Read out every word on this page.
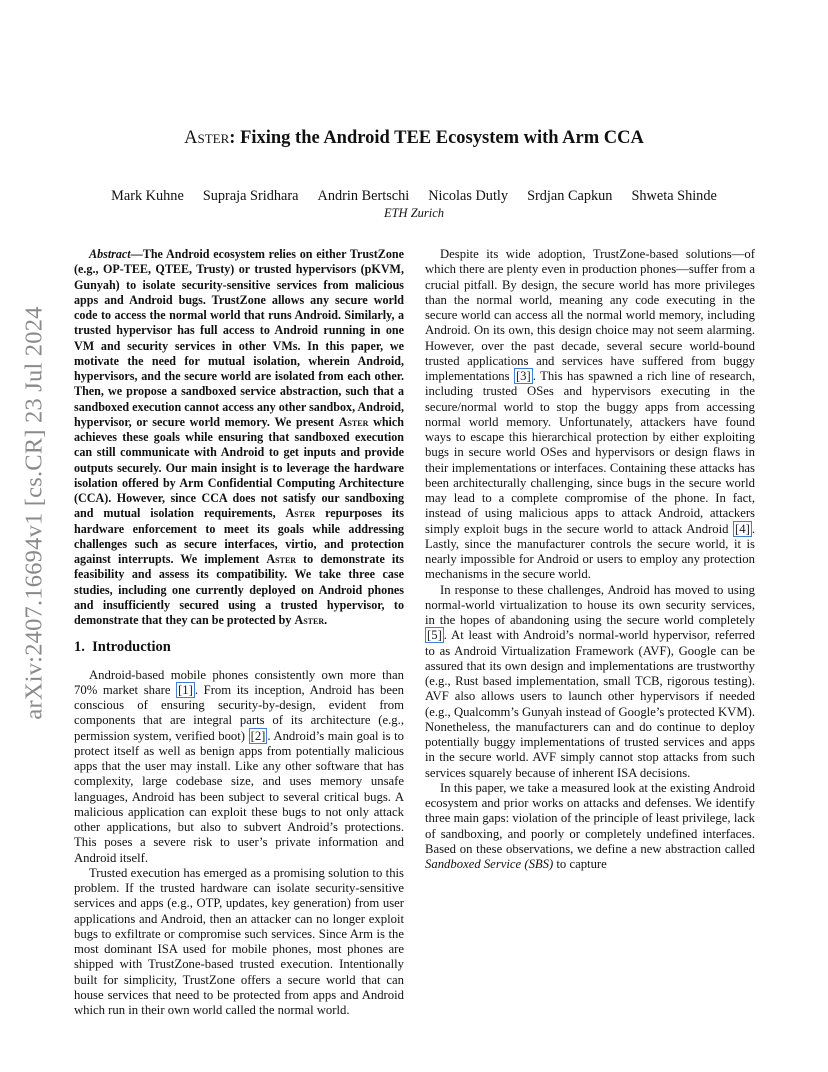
arXiv:2407.16694v1 [cs.CR] 23 Jul 2024
Aster: Fixing the Android TEE Ecosystem with Arm CCA
Mark Kuhne Supraja Sridhara Andrin Bertschi Nicolas Dutly Srdjan Capkun Shweta Shinde
ETH Zurich

Abstract—The Android ecosystem relies on either TrustZone (e.g., OP-TEE, QTEE, Trusty) or trusted hypervisors (pKVM, Gunyah) to isolate security-sensitive services from malicious apps and Android bugs. TrustZone allows any secure world code to access the normal world that runs Android. Similarly, a trusted hypervisor has full access to Android running in one VM and security services in other VMs. In this paper, we motivate the need for mutual isolation, wherein Android, hypervisors, and the secure world are isolated from each other. Then, we propose a sandboxed service abstraction, such that a sandboxed execution cannot access any other sandbox, Android, hypervisor, or secure world memory. We present Aster which achieves these goals while ensuring that sandboxed execution can still communicate with Android to get inputs and provide outputs securely. Our main insight is to leverage the hardware isolation offered by Arm Confidential Computing Architecture (CCA). However, since CCA does not satisfy our sandboxing and mutual isolation requirements, Aster repurposes its hardware enforcement to meet its goals while addressing challenges such as secure interfaces, virtio, and protection against interrupts. We implement Aster to demonstrate its feasibility and assess its compatibility. We take three case studies, including one currently deployed on Android phones and insufficiently secured using a trusted hypervisor, to demonstrate that they can be protected by Aster.

1. Introduction

Android-based mobile phones consistently own more than 70% market share [1] . From its inception, Android has been conscious of ensuring security-by-design, evident from components that are integral parts of its architecture (e.g., permission system, verified boot) [2] . Android’s main goal is to protect itself as well as benign apps from potentially malicious apps that the user may install. Like any other software that has complexity, large codebase size, and uses memory unsafe languages, Android has been subject to several critical bugs. A malicious application can exploit these bugs to not only attack other applications, but also to subvert Android’s protections. This poses a severe risk to user’s private information and Android itself.

Trusted execution has emerged as a promising solution to this problem. If the trusted hardware can isolate security-sensitive services and apps (e.g., OTP, updates, key generation) from user applications and Android, then an attacker can no longer exploit bugs to exfiltrate or compromise such services. Since Arm is the most dominant ISA used for mobile phones, most phones are shipped with TrustZone-based trusted execution. Intentionally built for simplicity, TrustZone offers a secure world that can house services that need to be protected from apps and Android which run in their own world called the normal world.

Despite its wide adoption, TrustZone-based solutions—of which there are plenty even in production phones—suffer from a crucial pitfall. By design, the secure world has more privileges than the normal world, meaning any code executing in the secure world can access all the normal world memory, including Android. On its own, this design choice may not seem alarming. However, over the past decade, several secure world-bound trusted applications and services have suffered from buggy implementations [3] . This has spawned a rich line of research, including trusted OSes and hypervisors executing in the secure/normal world to stop the buggy apps from accessing normal world memory. Unfortunately, attackers have found ways to escape this hierarchical protection by either exploiting bugs in secure world OSes and hypervisors or design flaws in their implementations or interfaces. Containing these attacks has been architecturally challenging, since bugs in the secure world may lead to a complete compromise of the phone. In fact, instead of using malicious apps to attack Android, attackers simply exploit bugs in the secure world to attack Android [4] . Lastly, since the manufacturer controls the secure world, it is nearly impossible for Android or users to employ any protection mechanisms in the secure world.

In response to these challenges, Android has moved to using normal-world virtualization to house its own security services, in the hopes of abandoning using the secure world completely [5] . At least with Android’s normal-world hypervisor, referred to as Android Virtualization Framework (AVF), Google can be assured that its own design and implementations are trustworthy (e.g., Rust based implementation, small TCB, rigorous testing). AVF also allows users to launch other hypervisors if needed (e.g., Qualcomm’s Gunyah instead of Google’s protected KVM). Nonetheless, the manufacturers can and do continue to deploy potentially buggy implementations of trusted services and apps in the secure world. AVF simply cannot stop attacks from such services squarely because of inherent ISA decisions.

In this paper, we take a measured look at the existing Android ecosystem and prior works on attacks and defenses. We identify three main gaps: violation of the principle of least privilege, lack of sandboxing, and poorly or completely undefined interfaces. Based on these observations, we define a new abstraction called Sandboxed Service (SBS) to capture
